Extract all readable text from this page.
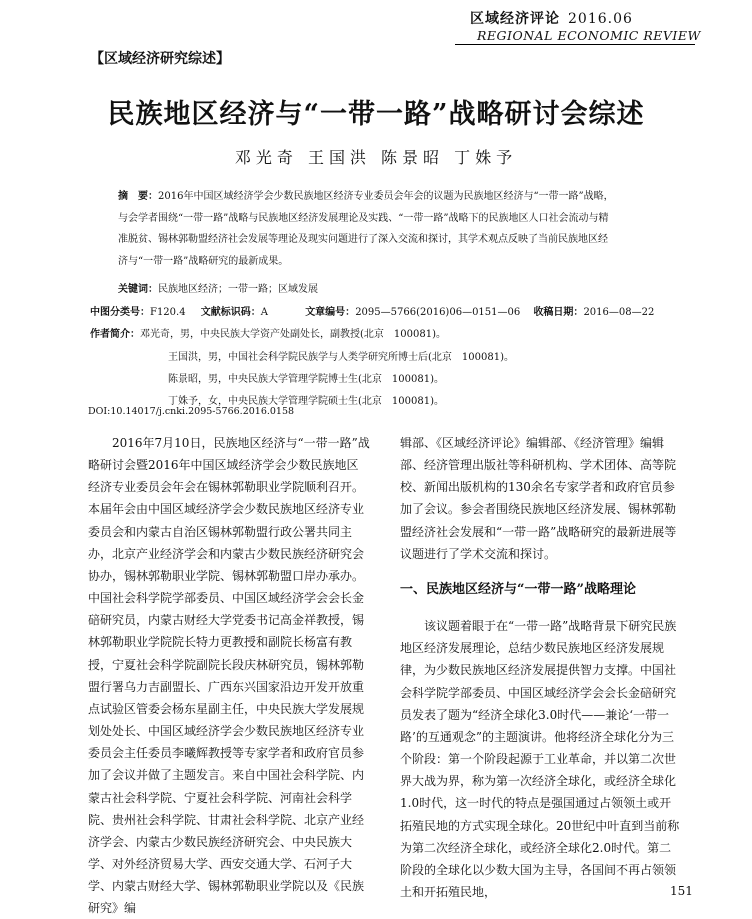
区域经济评论 2016.06
REGIONAL ECONOMIC REVIEW
【区域经济研究综述】
民族地区经济与“一带一路”战略研讨会综述
邓光奇 王国洪 陈景昭 丁姝予
摘　要：2016年中国区域经济学会少数民族地区经济专业委员会年会的议题为民族地区经济与“一带一路”战略，
与会学者围绕“一带一路”战略与民族地区经济发展理论及实践、“一带一路”战略下的民族地区人口社会流动与精
准脱贫、锡林郭勒盟经济社会发展等理论及现实问题进行了深入交流和探讨，其学术观点反映了当前民族地区经
济与“一带一路”战略研究的最新成果。
关键词：民族地区经济；一带一路；区域发展
中图分类号：F120.4 文献标识码：A	文章编号：2095—5766(2016)06—0151—06 收稿日期：2016—08—22
作者简介：邓光奇，男，中央民族大学资产处副处长，副教授(北京　100081)。
王国洪，男，中国社会科学院民族学与人类学研究所博士后(北京　100081)。
陈景昭，男，中央民族大学管理学院博士生(北京　100081)。
丁姝予，女，中央民族大学管理学院硕士生(北京　100081)。
DOI:10.14017/j.cnki.2095-5766.2016.0158

2016年7月10日，民族地区经济与“一带一路”战略研讨会暨2016年中国区域经济学会少数民族地区经济专业委员会年会在锡林郭勒职业学院顺利召开。本届年会由中国区域经济学会少数民族地区经济专业委员会和内蒙古自治区锡林郭勒盟行政公署共同主办，北京产业经济学会和内蒙古少数民族经济研究会协办，锡林郭勒职业学院、锡林郭勒盟口岸办承办。中国社会科学院学部委员、中国区域经济学会会长金碚研究员，内蒙古财经大学党委书记高金祥教授，锡林郭勒职业学院院长特力更教授和副院长杨富有教授，宁夏社会科学院副院长段庆林研究员，锡林郭勒盟行署乌力吉副盟长、广西东兴国家沿边开发开放重点试验区管委会杨东星副主任，中央民族大学发展规划处处长、中国区域经济学会少数民族地区经济专业委员会主任委员李曦辉教授等专家学者和政府官员参加了会议并做了主题发言。来自中国社会科学院、内蒙古社会科学院、宁夏社会科学院、河南社会科学院、贵州社会科学院、甘肃社会科学院、北京产业经济学会、内蒙古少数民族经济研究会、中央民族大学、对外经济贸易大学、西安交通大学、石河子大学、内蒙古财经大学、锡林郭勒职业学院以及《民族研究》编

辑部、《区域经济评论》编辑部、《经济管理》编辑部、经济管理出版社等科研机构、学术团体、高等院校、新闻出版机构的130余名专家学者和政府官员参加了会议。参会者围绕民族地区经济发展、锡林郭勒盟经济社会发展和“一带一路”战略研究的最新进展等议题进行了学术交流和探讨。

一、民族地区经济与“一带一路”战略理论

该议题着眼于在“一带一路”战略背景下研究民族地区经济发展理论，总结少数民族地区经济发展规律，为少数民族地区经济发展提供智力支撑。中国社会科学院学部委员、中国区域经济学会会长金碚研究员发表了题为“经济全球化3.0时代——兼论‘一带一路’的互通观念”的主题演讲。他将经济全球化分为三个阶段：第一个阶段起源于工业革命，并以第二次世界大战为界，称为第一次经济全球化，或经济全球化1.0时代，这一时代的特点是强国通过占领领土或开拓殖民地的方式实现全球化。20世纪中叶直到当前称为第二次经济全球化，或经济全球化2.0时代。第二阶段的全球化以少数大国为主导，各国间不再占领领土和开拓殖民地，	151
